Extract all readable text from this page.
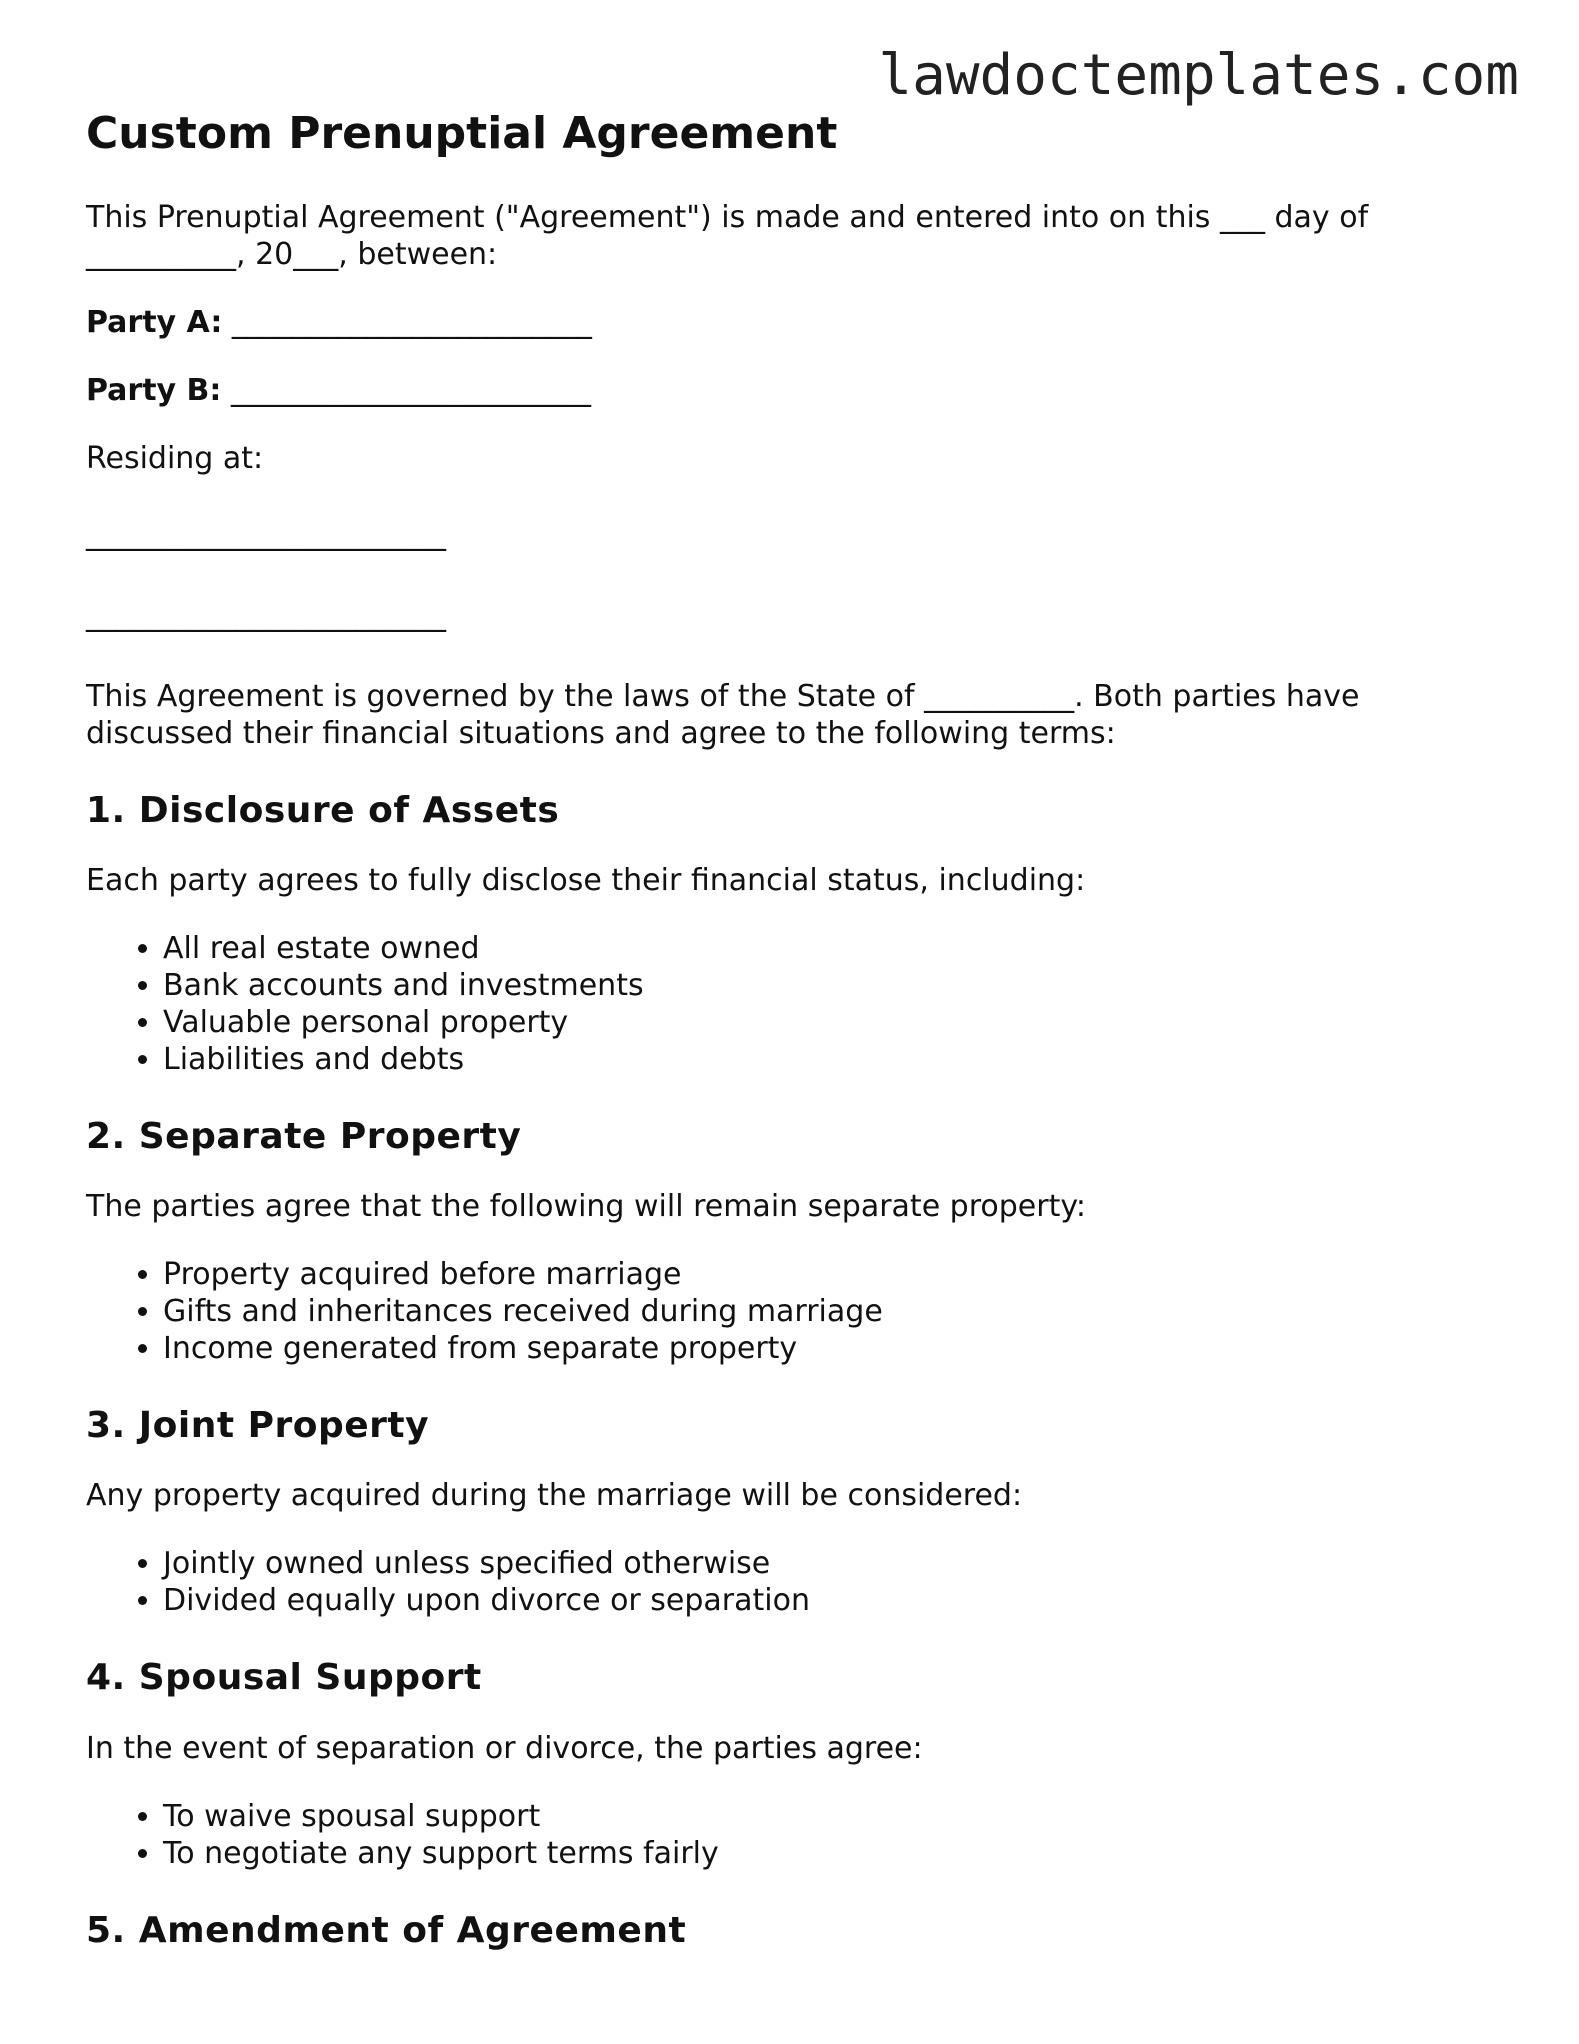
lawdoctemplates.com
Custom Prenuptial Agreement

This Prenuptial Agreement ("Agreement") is made and entered into on this ___ day of __________, 20___, between:

Party A: ________________________

Party B: ________________________

Residing at:

________________________
________________________

This Agreement is governed by the laws of the State of __________. Both parties have discussed their financial situations and agree to the following terms:

1. Disclosure of Assets

Each party agrees to fully disclose their financial status, including:

• All real estate owned
• Bank accounts and investments
• Valuable personal property
• Liabilities and debts
2. Separate Property

The parties agree that the following will remain separate property:

• Property acquired before marriage
• Gifts and inheritances received during marriage
• Income generated from separate property
3. Joint Property

Any property acquired during the marriage will be considered:

• Jointly owned unless specified otherwise
• Divided equally upon divorce or separation
4. Spousal Support

In the event of separation or divorce, the parties agree:

• To waive spousal support
• To negotiate any support terms fairly
5. Amendment of Agreement
